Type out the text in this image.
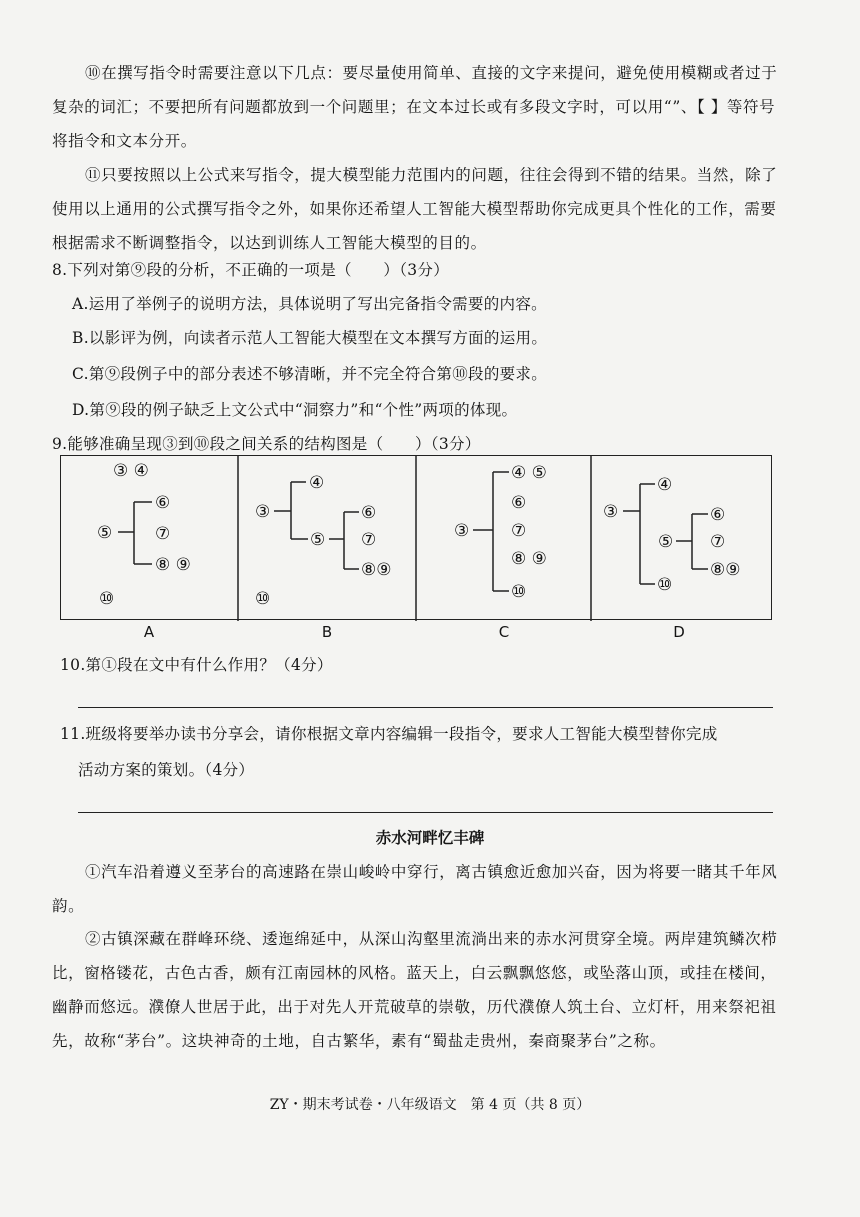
⑩在撰写指令时需要注意以下几点：要尽量使用简单、直接的文字来提问，避免使用模糊或者过于复杂的词汇；不要把所有问题都放到一个问题里；在文本过长或有多段文字时，可以用“”、【 】等符号将指令和文本分开。

⑪只要按照以上公式来写指令，提大模型能力范围内的问题，往往会得到不错的结果。当然，除了使用以上通用的公式撰写指令之外，如果你还希望人工智能大模型帮助你完成更具个性化的工作，需要根据需求不断调整指令，以达到训练人工智能大模型的目的。

8.下列对第⑨段的分析，不正确的一项是（　　）（3分）
A.运用了举例子的说明方法，具体说明了写出完备指令需要的内容。
B.以影评为例，向读者示范人工智能大模型在文本撰写方面的运用。
C.第⑨段例子中的部分表述不够清晰，并不完全符合第⑩段的要求。
D.第⑨段的例子缺乏上文公式中“洞察力”和“个性”两项的体现。
9.能够准确呈现③到⑩段之间关系的结构图是（　　）（3分）
③ ④
⑤
⑥
⑦
⑧ ⑨
⑩
③
④
⑤
⑥
⑦
⑧⑨
⑩
③
④ ⑤
⑥
⑦
⑧ ⑨
⑩
③
④
⑤
⑥
⑦
⑧⑨
⑩
A	B	C	D
10.第①段在文中有什么作用？（4分）
11.班级将要举办读书分享会，请你根据文章内容编辑一段指令，要求人工智能大模型替你完成
活动方案的策划。（4分）
赤水河畔忆丰碑

①汽车沿着遵义至茅台的高速路在崇山峻岭中穿行，离古镇愈近愈加兴奋，因为将要一睹其千年风韵。

②古镇深藏在群峰环绕、逶迤绵延中，从深山沟壑里流淌出来的赤水河贯穿全境。两岸建筑鳞次栉比，窗格镂花，古色古香，颇有江南园林的风格。蓝天上，白云飘飘悠悠，或坠落山顶，或挂在楼间，幽静而悠远。濮僚人世居于此，出于对先人开荒破草的崇敬，历代濮僚人筑土台、立灯杆，用来祭祀祖先，故称“茅台”。这块神奇的土地，自古繁华，素有“蜀盐走贵州，秦商聚茅台”之称。

ZY・期末考试卷・八年级语文　第 4 页（共 8 页）
